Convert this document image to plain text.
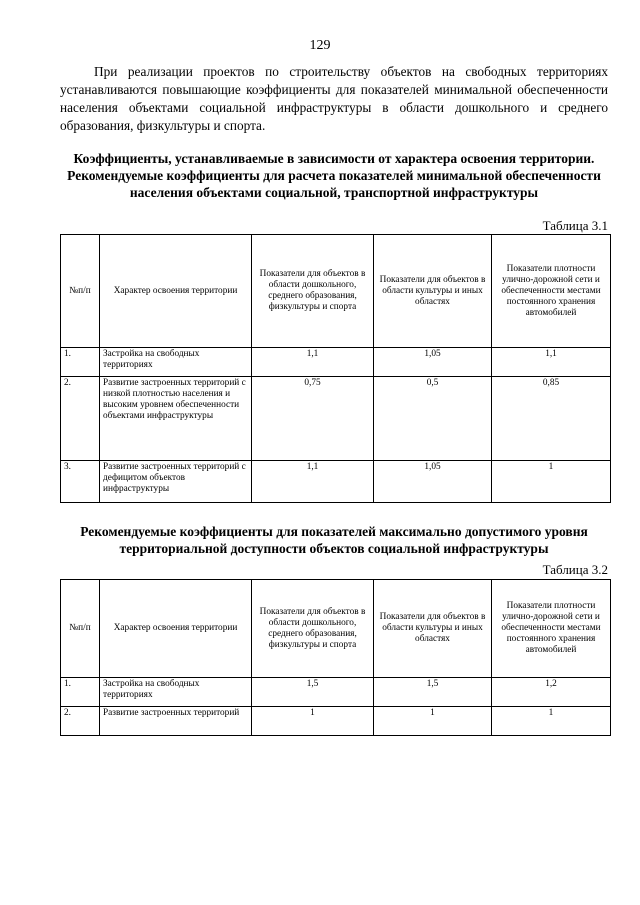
129

При реализации проектов по строительству объектов на свободных территориях устанавливаются повышающие коэффициенты для показателей минимальной обеспеченности населения объектами социальной инфраструктуры в области дошкольного и среднего образования, физкультуры и спорта.

Коэффициенты, устанавливаемые в зависимости от характера освоения территории. Рекомендуемые коэффициенты для расчета показателей минимальной обеспеченности населения объектами социальной, транспортной инфраструктуры

Таблица 3.1
№п/п	Характер освоения территории	Показатели для объектов в области дошкольного, среднего образования, физкультуры и спорта	Показатели для объектов в области культуры и иных областях	Показатели плотности улично-дорожной сети и обеспеченности местами постоянного хранения автомобилей
1.	Застройка на свободных территориях	1,1	1,05	1,1
2.	Развитие застроенных территорий с низкой плотностью населения и высоким уровнем обеспеченности объектами инфраструктуры	0,75	0,5	0,85
3.	Развитие застроенных территорий с дефицитом объектов инфраструктуры	1,1	1,05	1

Рекомендуемые коэффициенты для показателей максимально допустимого уровня территориальной доступности объектов социальной инфраструктуры

Таблица 3.2
№п/п	Характер освоения территории	Показатели для объектов в области дошкольного, среднего образования, физкультуры и спорта	Показатели для объектов в области культуры и иных областях	Показатели плотности улично-дорожной сети и обеспеченности местами постоянного хранения автомобилей
1.	Застройка на свободных территориях	1,5	1,5	1,2
2.	Развитие застроенных территорий	1	1	1
